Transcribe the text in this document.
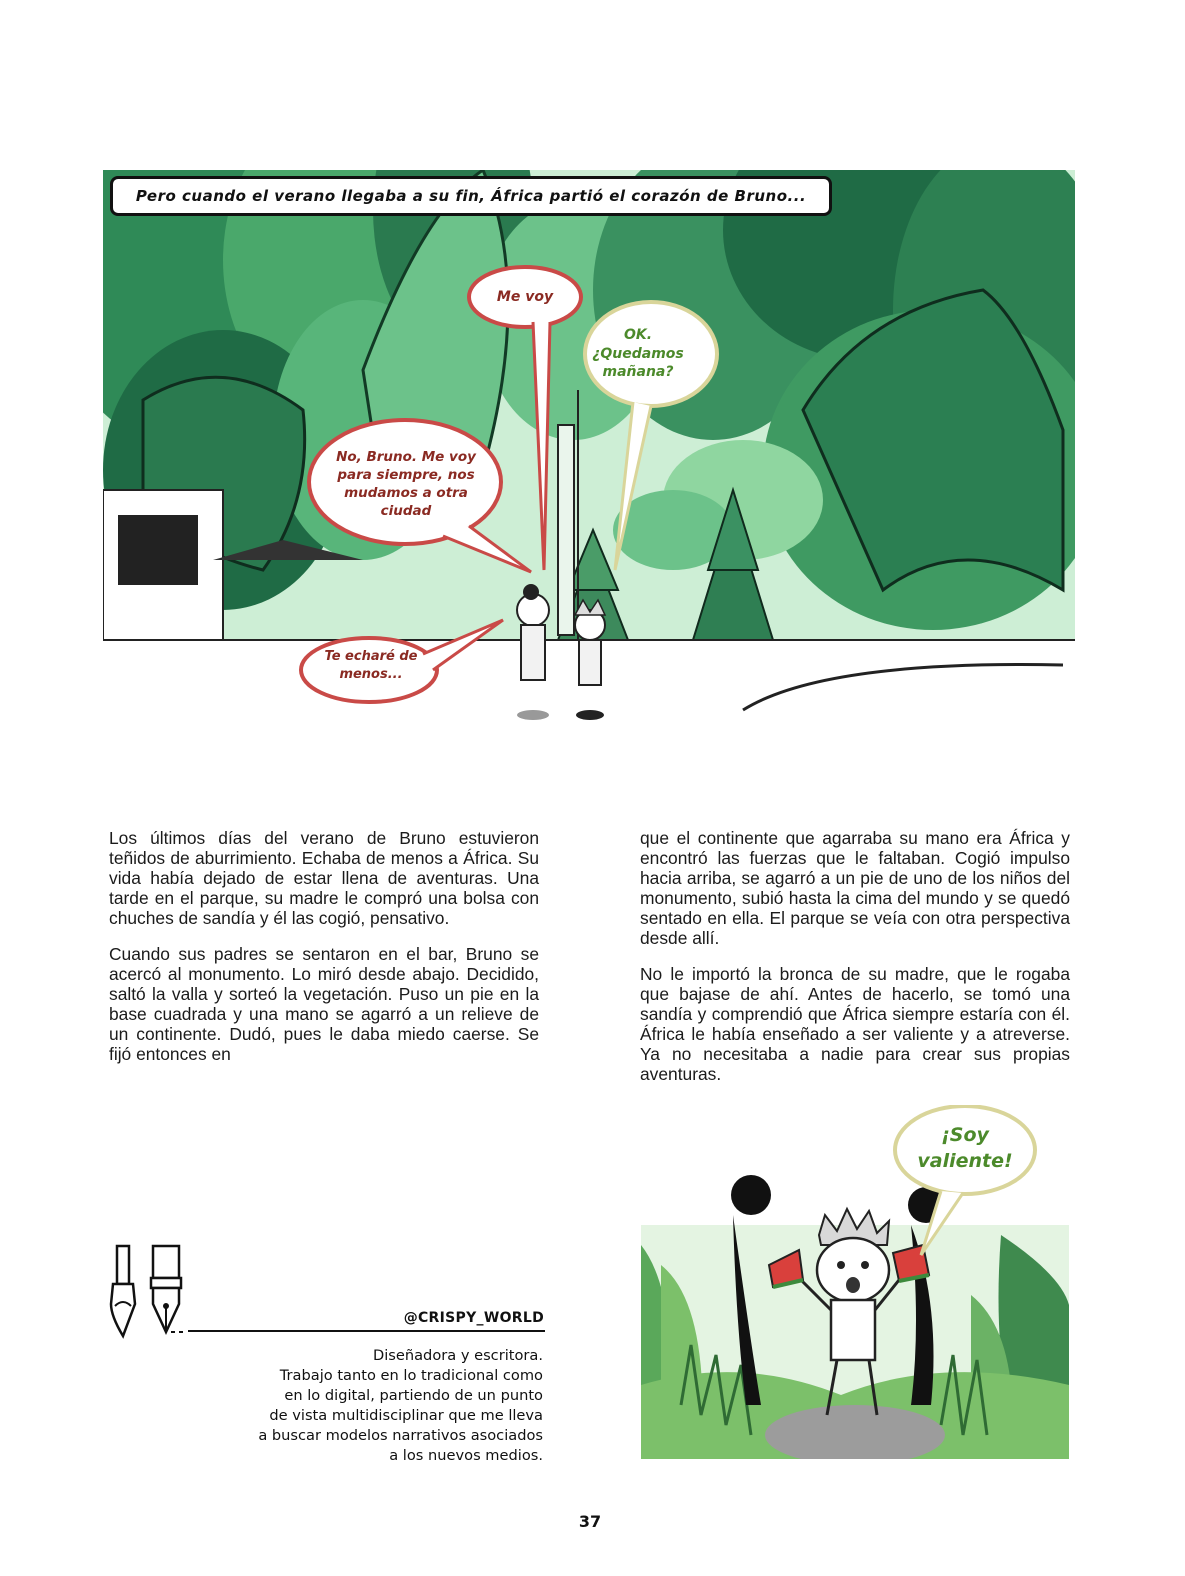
Pero cuando el verano llegaba a su fin, África partió el corazón de Bruno...
Me voy
OK. ¿Quedamos mañana?
No, Bruno. Me voy para siempre, nos mudamos a otra ciudad
Te echaré de menos...

Los últimos días del verano de Bruno estuvieron teñidos de aburrimiento. Echaba de menos a África. Su vida había dejado de estar llena de aventuras. Una tarde en el parque, su madre le compró una bolsa con chuches de sandía y él las cogió, pensativo.

Cuando sus padres se sentaron en el bar, Bruno se acercó al monumento. Lo miró desde abajo. Decidido, saltó la valla y sorteó la vegetación. Puso un pie en la base cuadrada y una mano se agarró a un relieve de un continente. Dudó, pues le daba miedo caerse. Se fijó entonces en

que el continente que agarraba su mano era África y encontró las fuerzas que le faltaban. Cogió impulso hacia arriba, se agarró a un pie de uno de los niños del monumento, subió hasta la cima del mundo y se quedó sentado en ella. El parque se veía con otra perspectiva desde allí.

No le importó la bronca de su madre, que le rogaba que bajase de ahí. Antes de hacerlo, se tomó una sandía y comprendió que África siempre estaría con él. África le había enseñado a ser valiente y a atreverse. Ya no necesitaba a nadie para crear sus propias aventuras.

@CRISPY_WORLD
Diseñadora y escritora.
Trabajo tanto en lo tradicional como
en lo digital, partiendo de un punto
de vista multidisciplinar que me lleva
a buscar modelos narrativos asociados
a los nuevos medios.
¡Soy valiente!
37
